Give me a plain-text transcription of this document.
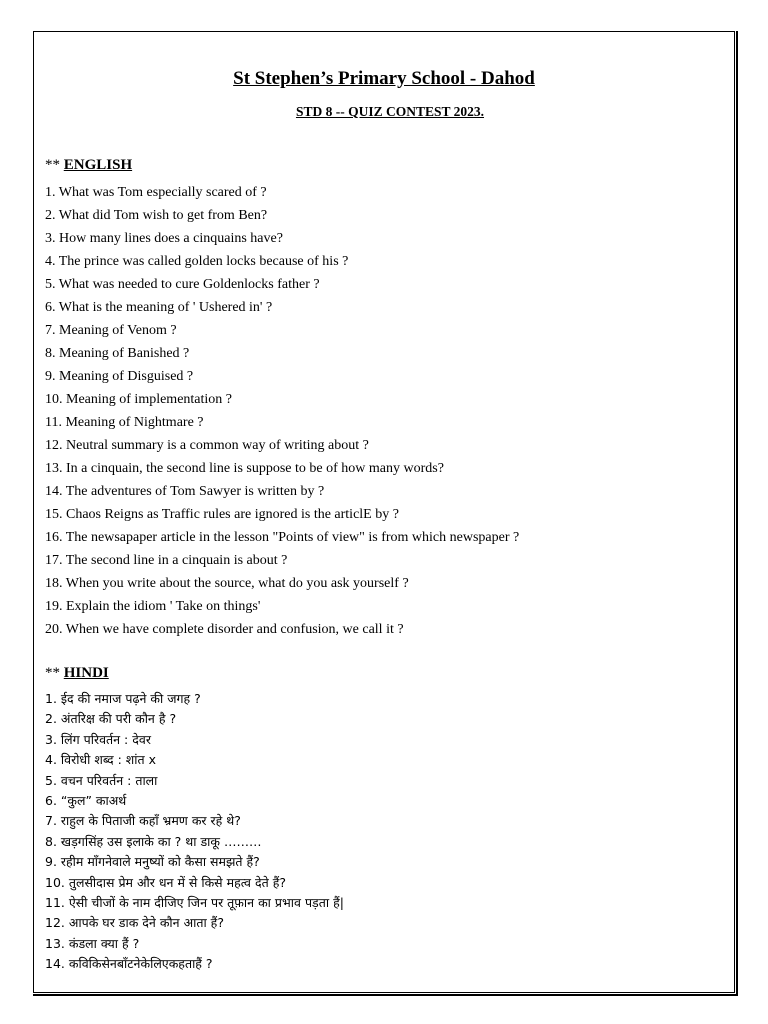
St Stephen’s Primary School - Dahod
STD 8 -- QUIZ CONTEST 2023.
** ENGLISH
1. What was Tom especially scared of ?
2. What did Tom wish to get from Ben?
3. How many lines does a cinquains have?
4. The prince was called golden locks because of his ?
5. What was needed to cure Goldenlocks father ?
6. What is the meaning of ' Ushered in' ?
7. Meaning of Venom ?
8. Meaning of Banished ?
9. Meaning of Disguised ?
10. Meaning of implementation ?
11. Meaning of Nightmare ?
12. Neutral summary is a common way of writing about ?
13. In a cinquain, the second line is suppose to be of how many words?
14. The adventures of Tom Sawyer is written by ?
15. Chaos Reigns as Traffic rules are ignored is the articlE by ?
16. The newsapaper article in the lesson "Points of view" is from which newspaper ?
17. The second line in a cinquain is about ?
18. When you write about the source, what do you ask yourself ?
19. Explain the idiom ' Take on things'
20. When we have complete disorder and confusion, we call it ?
** HINDI
1. ईद की नमाज पढ़ने की जगह ?
2. अंतरिक्ष की परी कौन है ?
3. लिंग परिवर्तन : देवर
4. विरोधी शब्द : शांत x
5. वचन परिवर्तन : ताला
6. “कुल” काअर्थ
7. राहुल के पिताजी कहाँ भ्रमण कर रहे थे?
8. खड़गसिंह उस इलाके का ? था डाकू ………
9. रहीम माँगनेवाले मनुष्यों को कैसा समझते हैं?
10. तुलसीदास प्रेम और धन में से किसे महत्व देते हैं?
11. ऐसी चीजों के नाम दीजिए जिन पर तूफ़ान का प्रभाव पड़ता हैं|
12. आपके घर डाक देने कौन आता हैं?
13. कंडला क्या हैं ?
14. कविकिसेनबाँटनेकेलिएकहताहैं ?
